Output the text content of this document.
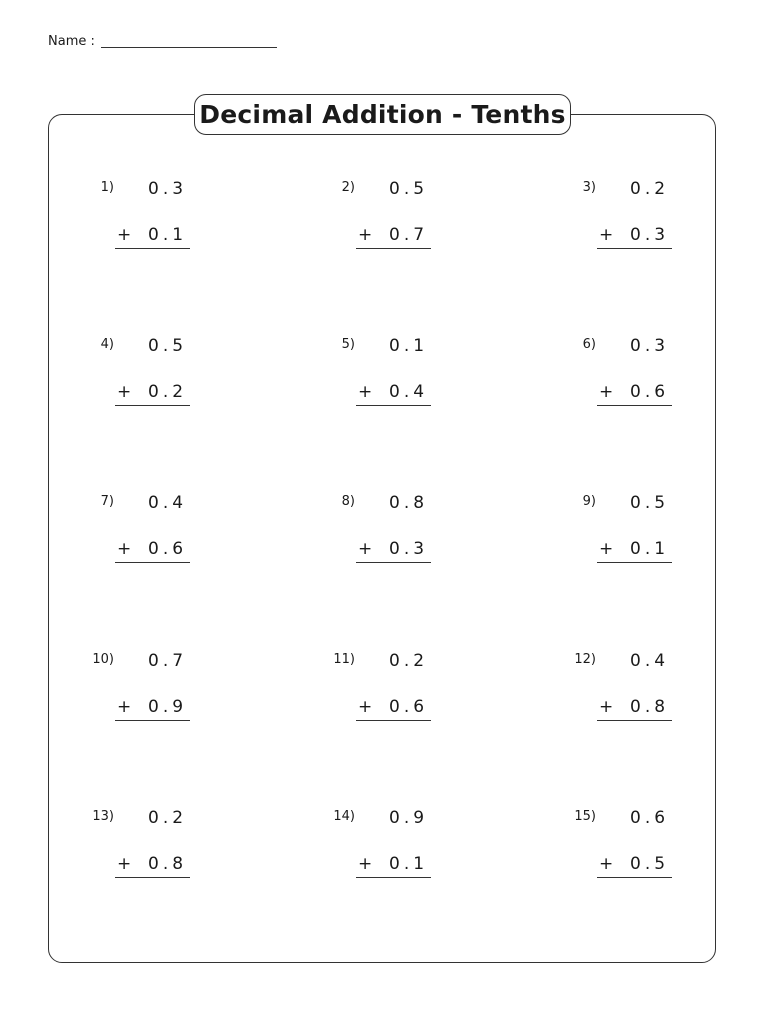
Name :
Decimal Addition - Tenths
1) 0.3
+ 0.1
2) 0.5
+ 0.7
3) 0.2
+ 0.3
4) 0.5
+ 0.2
5) 0.1
+ 0.4
6) 0.3
+ 0.6
7) 0.4
+ 0.6
8) 0.8
+ 0.3
9) 0.5
+ 0.1
10) 0.7
+ 0.9
11) 0.2
+ 0.6
12) 0.4
+ 0.8
13) 0.2
+ 0.8
14) 0.9
+ 0.1
15) 0.6
+ 0.5
